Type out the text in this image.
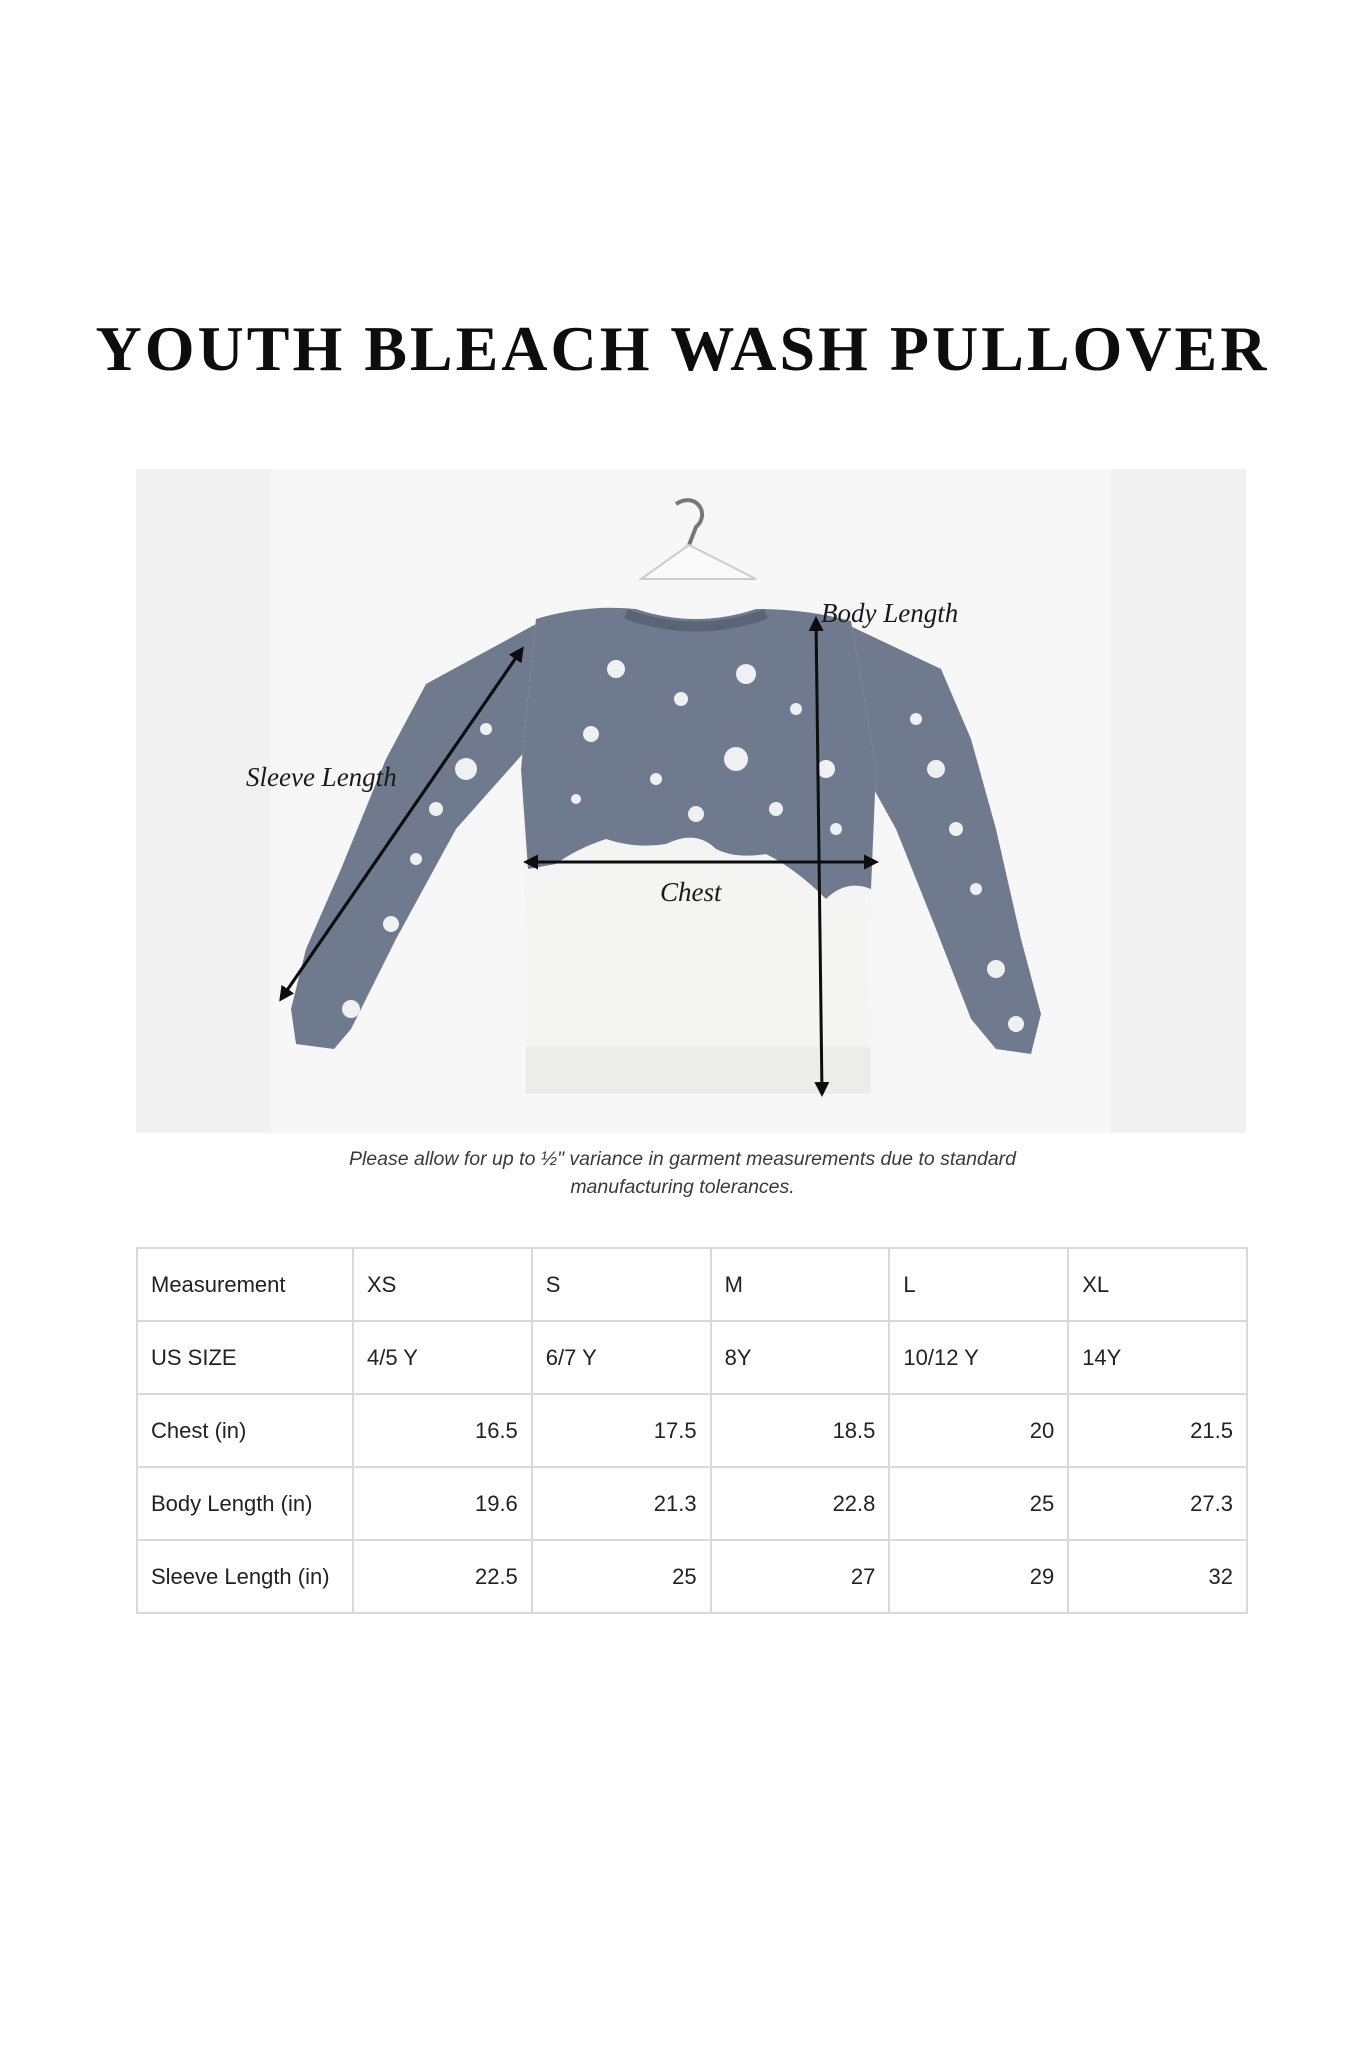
YOUTH BLEACH WASH PULLOVER
Body Length
Sleeve Length
Chest
Please allow for up to ½" variance in garment measurements due to standard
manufacturing tolerances.
Measurement	XS	S	M	L	XL
US SIZE	4/5 Y	6/7 Y	8Y	10/12 Y	14Y
Chest (in)	16.5	17.5	18.5	20	21.5
Body Length (in)	19.6	21.3	22.8	25	27.3
Sleeve Length (in)	22.5	25	27	29	32
